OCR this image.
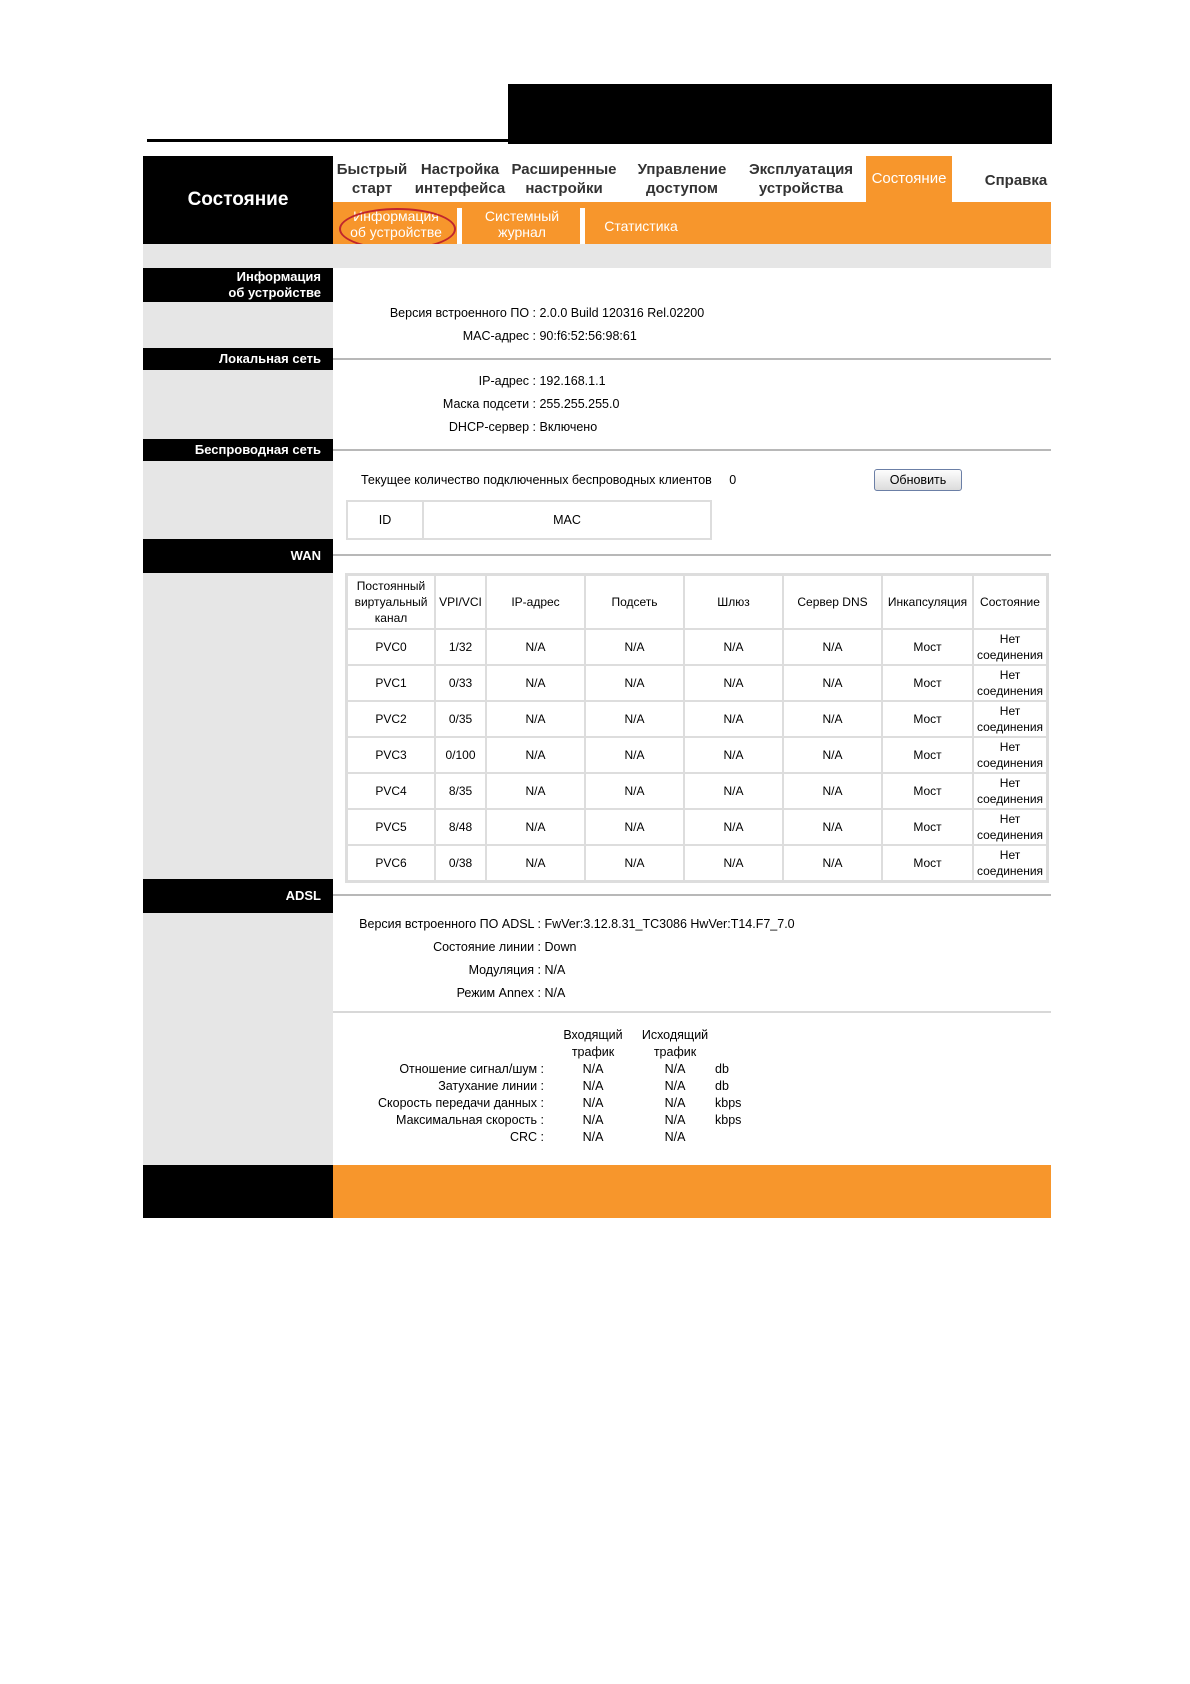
Состояние
Быстрый
старт
Настройка
интерфейса
Расширенные
настройки
Управление
доступом
Эксплуатация
устройства
Состояние	Справка
Информация
об устройстве
Системный
журнал	Статистика
Информация
об устройстве
Версия встроенного ПО : 2.0.0 Build 120316 Rel.02200
MAC-адрес : 90:f6:52:56:98:61
Локальная сеть
IP-адрес : 192.168.1.1
Маска подсети : 255.255.255.0
DHCP-сервер : Включено
Беспроводная сеть
Текущее количество подключенных беспроводных клиентов 0	Обновить
ID	MAC
WAN
Постоянный виртуальный канал	VPI/VCI	IP-адрес	Подсеть	Шлюз	Сервер DNS	Инкапсуляция	Состояние
PVC0	1/32	N/A	N/A	N/A	N/A	Мост	Нет соединения
PVC1	0/33	N/A	N/A	N/A	N/A	Мост	Нет соединения
PVC2	0/35	N/A	N/A	N/A	N/A	Мост	Нет соединения
PVC3	0/100	N/A	N/A	N/A	N/A	Мост	Нет соединения
PVC4	8/35	N/A	N/A	N/A	N/A	Мост	Нет соединения
PVC5	8/48	N/A	N/A	N/A	N/A	Мост	Нет соединения
PVC6	0/38	N/A	N/A	N/A	N/A	Мост	Нет соединения
ADSL
Версия встроенного ПО ADSL : FwVer:3.12.8.31_TC3086 HwVer:T14.F7_7.0
Состояние линии : Down
Модуляция : N/A
Режим Annex : N/A
Входящий
трафик
Исходящий
трафик
Отношение сигнал/шум :	N/A	N/A	db
Затухание линии :	N/A	N/A	db
Скорость передачи данных :	N/A	N/A	kbps
Максимальная скорость :	N/A	N/A	kbps
CRC :	N/A	N/A
